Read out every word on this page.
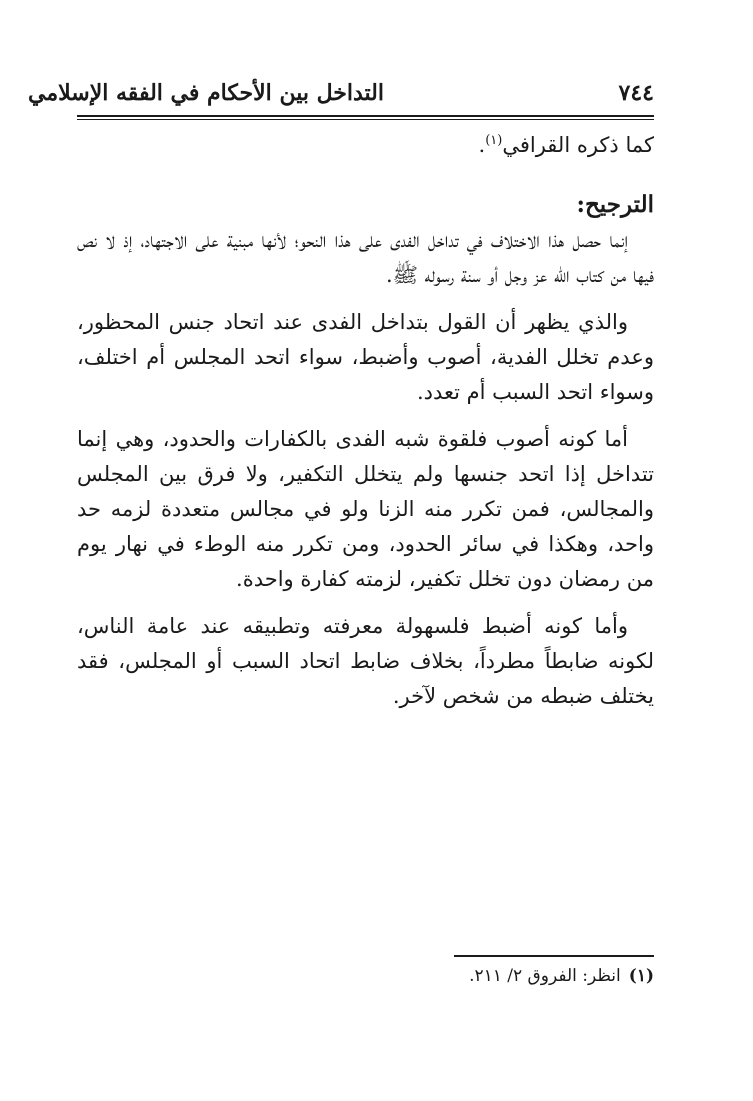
٧٤٤
التداخل بين الأحكام في الفقه الإسلامي

كما ذكره القرافي$^{(١)}$.

الترجيح:

إنما حصل هذا الاختلاف في تداخل الفدى على هذا النحو؛ لأنها مبنية على الاجتهاد، إذ لا نص فيها من كتاب الله عز وجل أو سنة رسوله ﷺ.

والذي يظهر أن القول بتداخل الفدى عند اتحاد جنس المحظور، وعدم تخلل الفدية، أصوب وأضبط، سواء اتحد المجلس أم اختلف، وسواء اتحد السبب أم تعدد.

أما كونه أصوب فلقوة شبه الفدى بالكفارات والحدود، وهي إنما تتداخل إذا اتحد جنسها ولم يتخلل التكفير، ولا فرق بين المجلس والمجالس، فمن تكرر منه الزنا ولو في مجالس متعددة لزمه حد واحد، وهكذا في سائر الحدود، ومن تكرر منه الوطء في نهار يوم من رمضان دون تخلل تكفير، لزمته كفارة واحدة.

وأما كونه أضبط فلسهولة معرفته وتطبيقه عند عامة الناس، لكونه ضابطاً مطرداً، بخلاف ضابط اتحاد السبب أو المجلس، فقد يختلف ضبطه من شخص لآخر.

(١)انظر: الفروق ٢/ ٢١١.
